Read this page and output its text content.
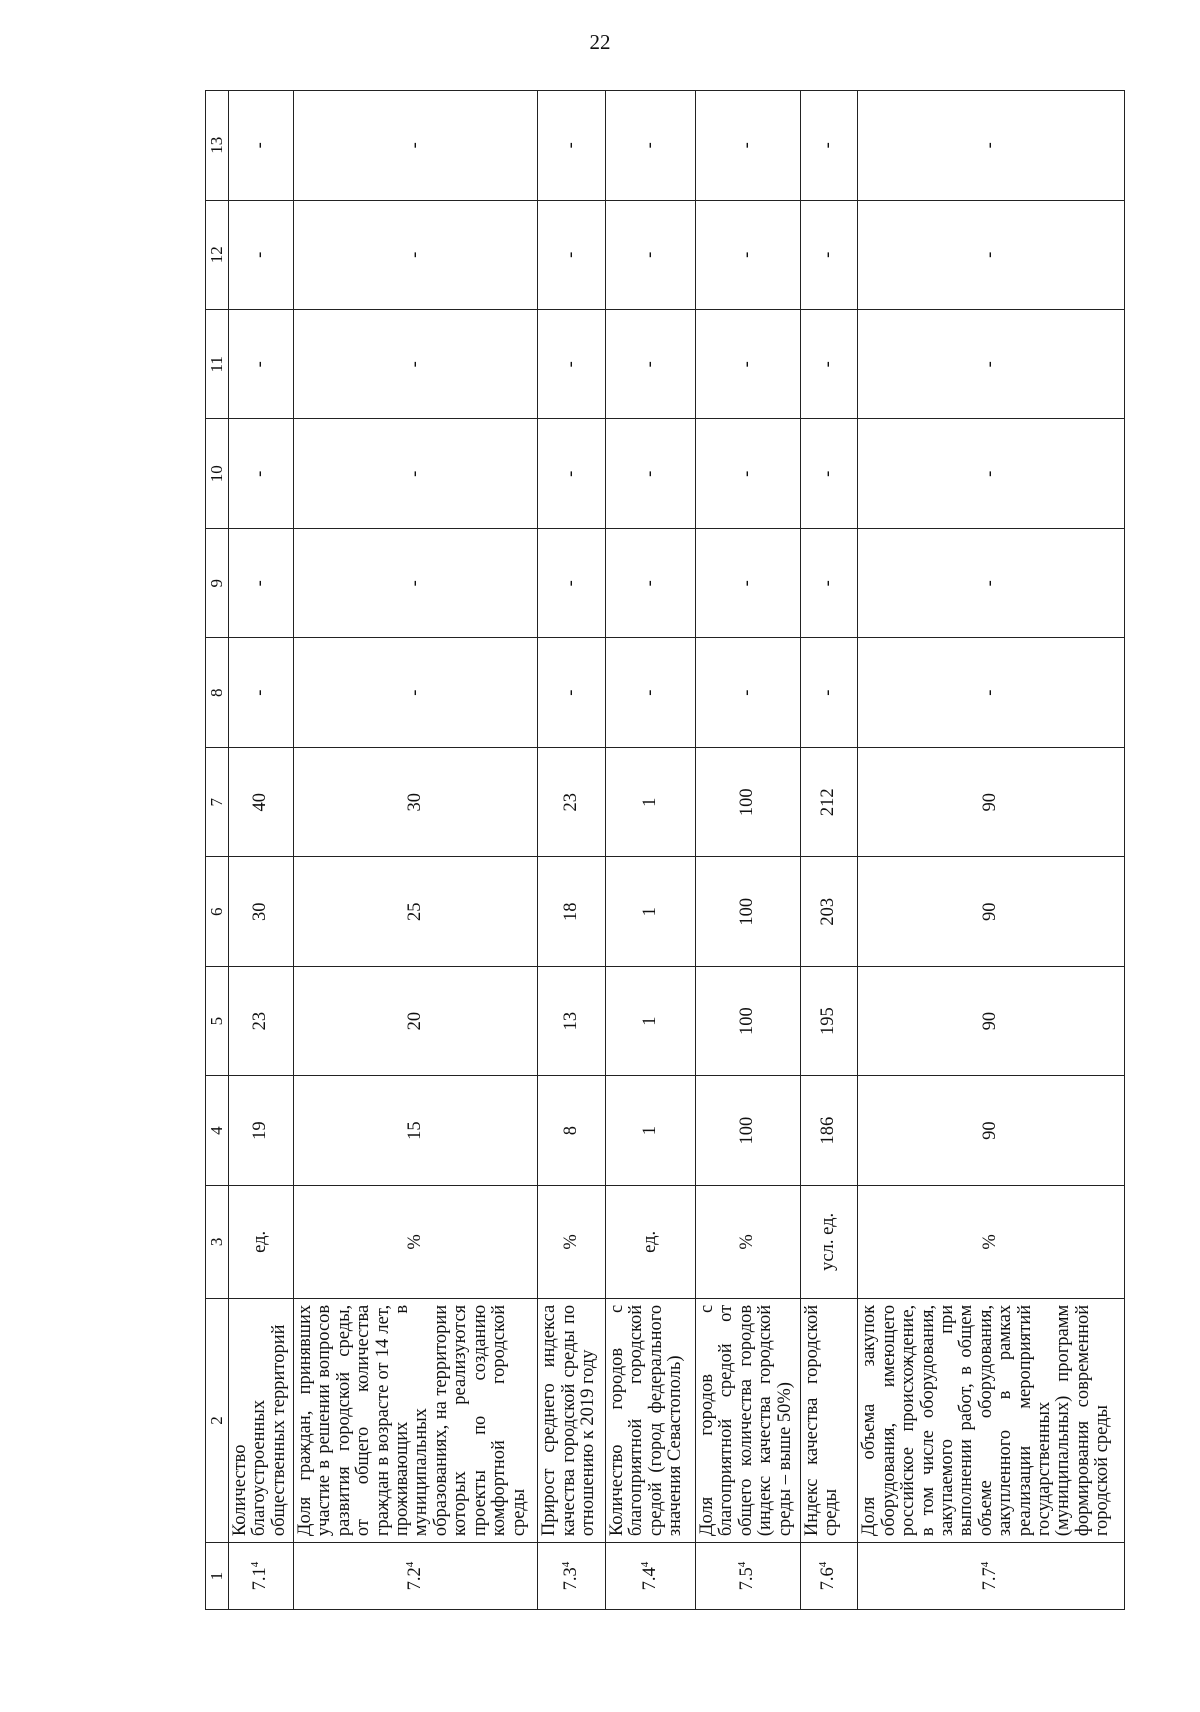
22
1	2	3	4	5	6	7	8	9	10	11	12	13
$7.1^4$	Количество благоустроенных общественных территорий	ед.	19	23	30	40	-	-	-	-	-	-
$7.2^4$	Доля граждан, принявших участие в решении вопросов развития городской среды, от общего количества граждан в возрасте от 14 лет, проживающих в муниципальных образованиях, на территории которых реализуются проекты по созданию комфортной городской среды	%	15	20	25	30	-	-	-	-	-	-
$7.3^4$	Прирост среднего индекса качества городской среды по отношению к 2019 году	%	8	13	18	23	-	-	-	-	-	-
$7.4^4$	Количество городов с благоприятной городской средой (город федерального значения Севастополь)	ед.	1	1	1	1	-	-	-	-	-	-
$7.5^4$	Доля городов с благоприятной средой от общего количества городов (индекс качества городской среды – выше 50%)	%	100	100	100	100	-	-	-	-	-	-
$7.6^4$	Индекс качества городской среды	усл. ед.	186	195	203	212	-	-	-	-	-	-
$7.7^4$	Доля объема закупок оборудования, имеющего российское происхождение, в том числе оборудования, закупаемого при выполнении работ, в общем объеме оборудования, закупленного в рамках реализации мероприятий государственных (муниципальных) программ формирования современной городской среды	%	90	90	90	90	-	-	-	-	-	-
